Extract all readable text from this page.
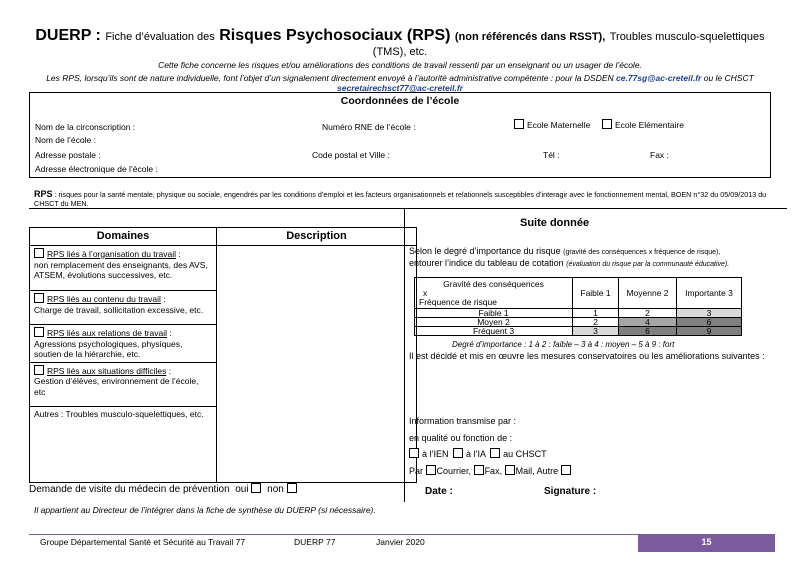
DUERP : Fiche d’évaluation des Risques Psychosociaux (RPS) (non référencés dans RSST), Troubles musculo-squelettiques
(TMS), etc.
Cette fiche concerne les risques et/ou améliorations des conditions de travail ressenti par un enseignant ou un usager de l’école.
Les RPS, lorsqu’ils sont de nature individuelle, font l’objet d’un signalement directement envoyé à l’autorité administrative compétente : pour la DSDEN ce.77sg@ac-creteil.fr ou le CHSCT
secretairechsct77@ac-creteil.fr
Coordonnées de l’école
Nom de la circonscription :	Numéro RNE de l’école :	Ecole Maternelle	Ecole Elémentaire
Nom de l’école :
Adresse postale :	Code postal et Ville :	Tél :	Fax :
Adresse électronique de l’école :
RPS : risques pour la santé mentale, physique ou sociale, engendrés par les conditions d’emploi et les facteurs organisationnels et relationnels susceptibles d’interagir avec le fonctionnement mental, BOEN n°32 du 05/09/2013 du CHSCT du MEN.
Domaines	Description
RPS liés à l’organisation du travail :
non remplacement des enseignants, des AVS, ATSEM, évolutions successives, etc.	
RPS liés au contenu du travail :
Charge de travail, sollicitation excessive, etc.	
RPS liés aux relations de travail :
Agressions psychologiques, physiques, soutien de la hiérarchie, etc.	
RPS liés aux situations difficiles :
Gestion d’élèves, environnement de l’école, etc	
Autres : Troubles musculo-squelettiques, etc.	
Demande de visite du médecin de prévention oui non
Il appartient au Directeur de l’intégrer dans la fiche de synthèse du DUERP (si nécessaire).
Suite donnée
Selon le degré d’importance du risque (gravité des conséquences x fréquence de risque),
entourer l’indice du tableau de cotation (évaluation du risque par la communauté éducative).
Gravité des conséquences
x
Fréquence de risque	Faible 1	Moyenne 2	Importante 3
Faible 1	1	2	3
Moyen 2	2	4	6
Fréquent 3	3	6	9
Degré d’importance : 1 à 2 : faible – 3 à 4 : moyen – 5 à 9 : fort
Il est décidé et mis en œuvre les mesures conservatoires ou les améliorations suivantes :
Information transmise par :
en qualité ou fonction de :
à l’IEN à l’IA au CHSCT
Par Courrier, Fax, Mail, Autre
Date :	Signature :
Groupe Départemental Santé et Sécurité au Travail 77	DUERP 77	Janvier 2020	15
